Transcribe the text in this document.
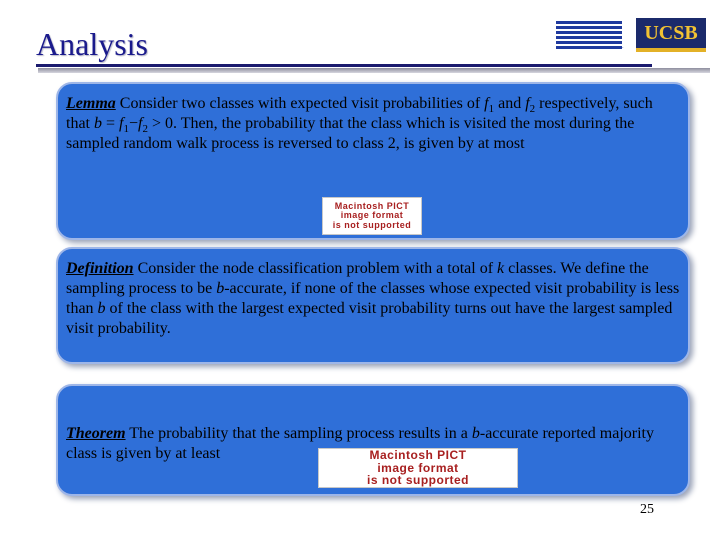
Analysis	.
UCSB

Lemma Consider two classes with expected visit probabilities of $f_1$ and $f_2$ respectively, such that $b = f_1-f_2 > 0$. Then, the probability that the class which is visited the most during the sampled random walk process is reversed to class 2, is given by at most

Definition Consider the node classification problem with a total of k classes. We define the sampling process to be b-accurate, if none of the classes whose expected visit probability is less than b of the class with the largest expected visit probability turns out have the largest sampled visit probability.

Theorem The probability that the sampling process results in a b-accurate reported majority class is given by at least

Macintosh PICT
image format
is not supported
Macintosh PICT
image format
is not supported
25
